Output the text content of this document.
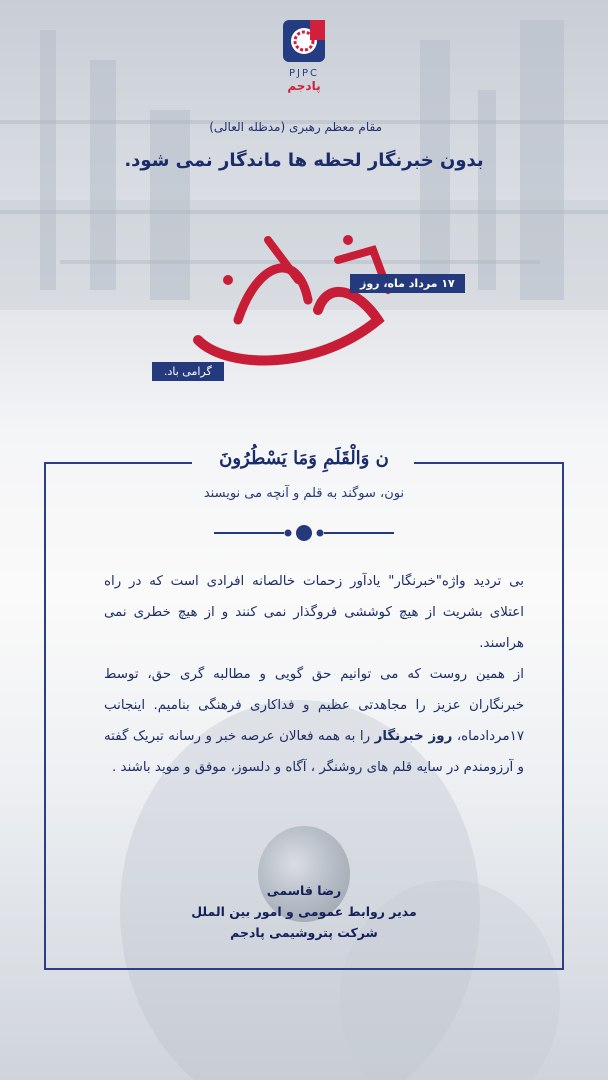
PJPC
پادجم
مقام معظم رهبری (مدظله العالی)
بدون خبرنگار لحظه ها ماندگار نمی شود.
۱۷ مرداد ماه، روز
گرامی باد.
ن وَالْقَلَمِ وَمَا يَسْطُرُونَ
نون، سوگند به قلم و آنچه می نویسند

بی تردید واژه"خبرنگار" یادآور زحمات خالصانه افرادی است که در راه اعتلای بشریت از هیچ کوششی فروگذار نمی کنند و از هیچ خطری نمی هراسند.

از همین روست که می توانیم حق گویی و مطالبه گری حق، توسط خبرنگاران عزیز را مجاهدتی عظیم و فداکاری فرهنگی بنامیم. اینجانب ۱۷مردادماه، روز خبرنگار را به همه فعالان عرصه خبر و رسانه تبریک گفته و آرزومندم در سایه قلم های روشنگر ، آگاه و دلسوز، موفق و موید باشند .

رضا قاسمی
مدیر روابط عمومی و امور بین الملل
شرکت پتروشیمی پادجم
